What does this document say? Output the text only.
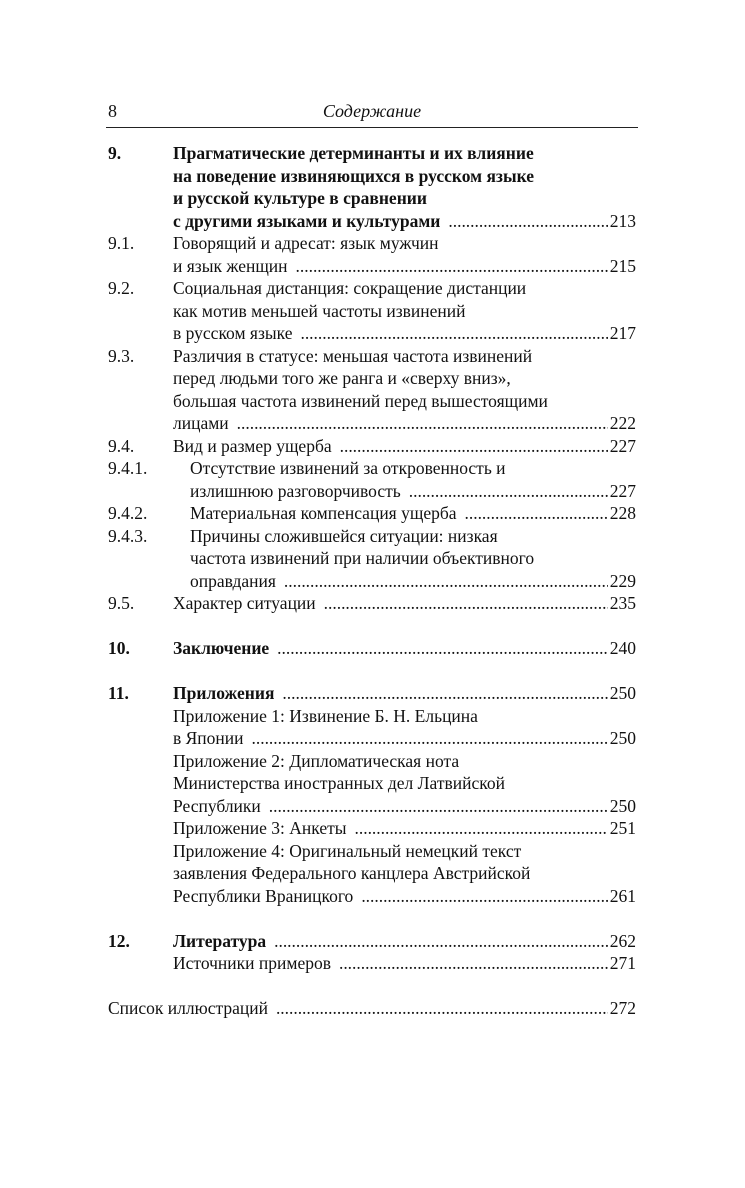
8	Содержание
9.	Прагматические детерминанты и их влияние
на поведение извиняющихся в русском языке
и русской культуре в сравнении
с другими языками и культурами . . .	213
9.1.	Говорящий и адресат: язык мужчин
и язык женщин . . .	215
9.2.	Социальная дистанция: сокращение дистанции
как мотив меньшей частоты извинений
в русском языке . . .	217
9.3.	Различия в статусе: меньшая частота извинений
перед людьми того же ранга и «сверху вниз»,
большая частота извинений перед вышестоящими
лицами . . .	222
9.4.	Вид и размер ущерба . . .	227
9.4.1.	Отсутствие извинений за откровенность и
излишнюю разговорчивость . . .	227
9.4.2.	Материальная компенсация ущерба . . .	228
9.4.3.	Причины сложившейся ситуации: низкая
частота извинений при наличии объективного
оправдания . . .	229
9.5.	Характер ситуации . . .	235
10.	Заключение . . .	240
11.	Приложения . . .	250
Приложение 1: Извинение Б. Н. Ельцина
в Японии . . .	250
Приложение 2: Дипломатическая нота
Министерства иностранных дел Латвийской
Республики . . .	250
Приложение 3: Анкеты . . .	251
Приложение 4: Оригинальный немецкий текст
заявления Федерального канцлера Австрийской
Республики Враницкого . . .	261
12.	Литература . . .	262
Источники примеров . . .	271
Список иллюстраций . . .	272
